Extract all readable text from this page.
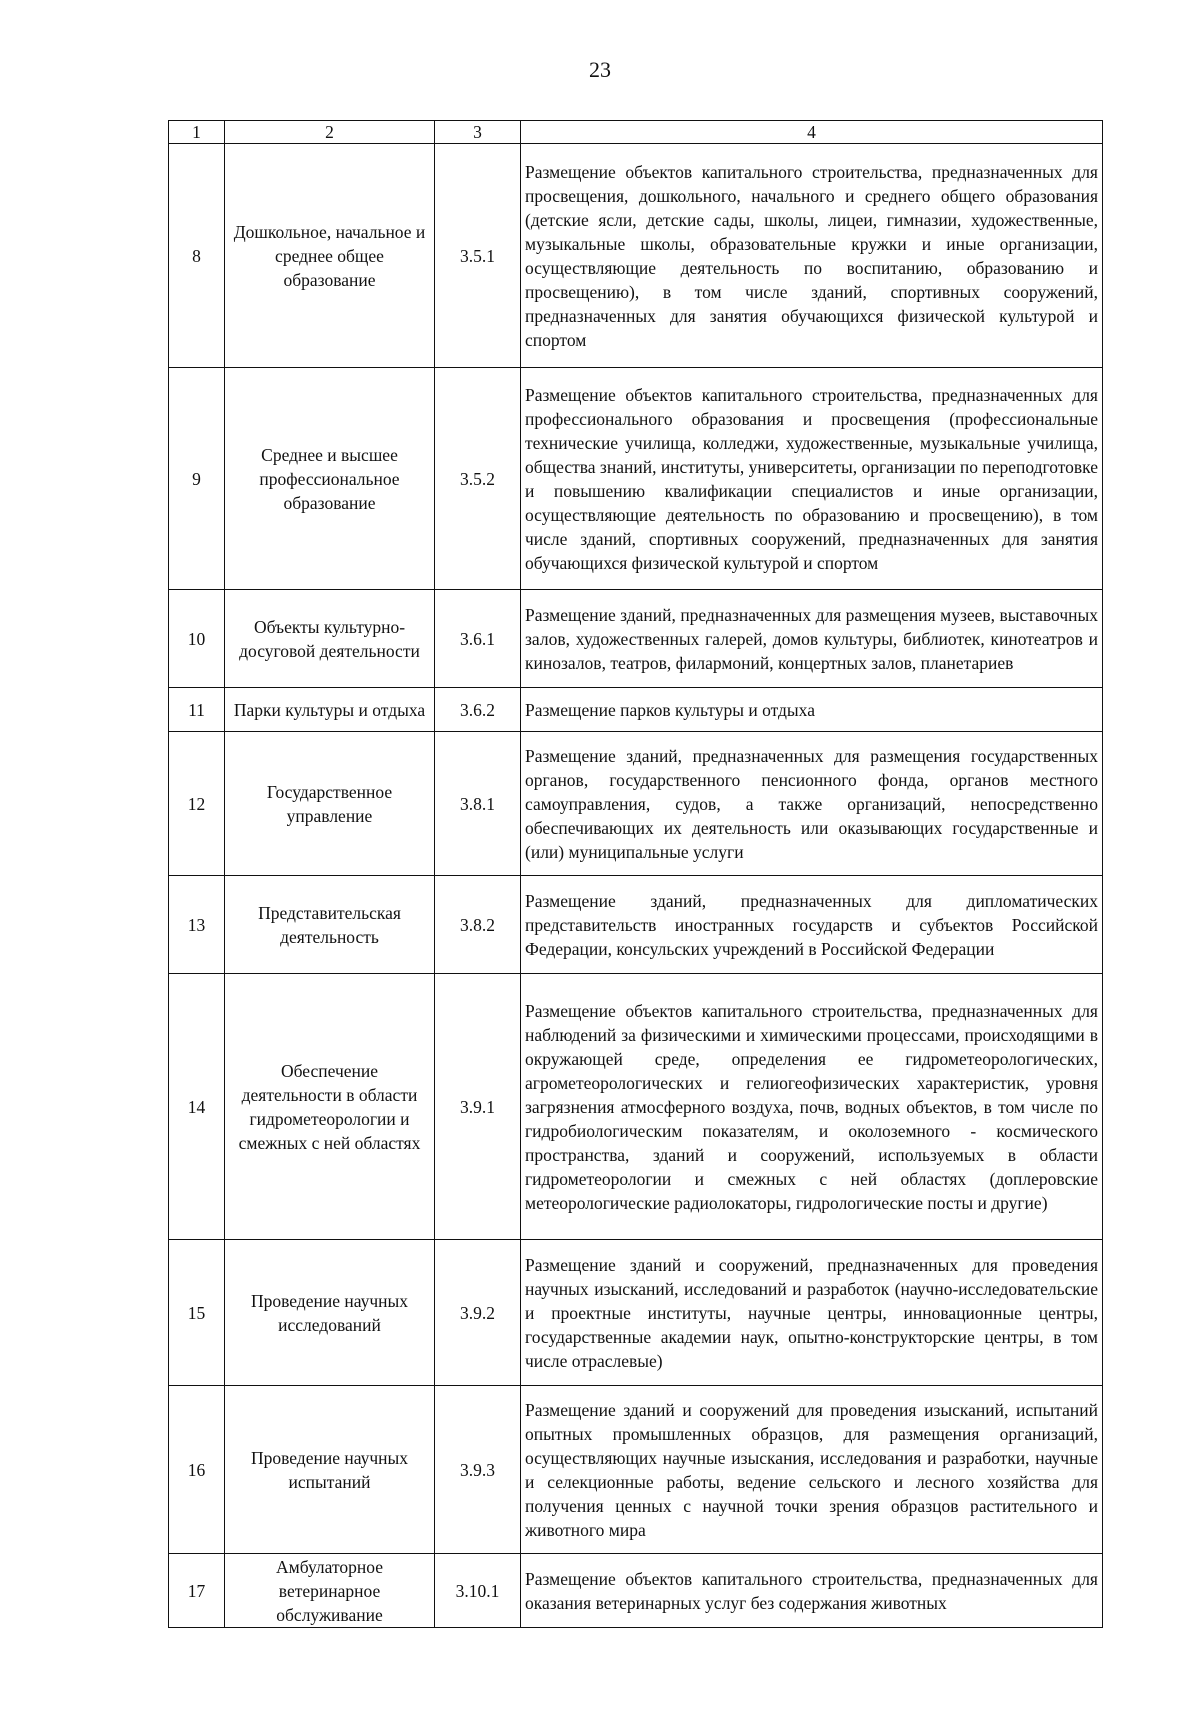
23
1	2	3	4
8	Дошкольное, начальное и среднее общее образование	3.5.1	Размещение объектов капитального строительства, предназначенных для просвещения, дошкольного, начального и среднего общего образования (детские ясли, детские сады, школы, лицеи, гимназии, художественные, музыкальные школы, образовательные кружки и иные организации, осуществляющие деятельность по воспитанию, образованию и просвещению), в том числе зданий, спортивных сооружений, предназначенных для занятия обучающихся физической культурой и спортом
9	Среднее и высшее профессиональное образование	3.5.2	Размещение объектов капитального строительства, предназначенных для профессионального образования и просвещения (профессиональные технические училища, колледжи, художественные, музыкальные училища, общества знаний, институты, университеты, организации по переподготовке и повышению квалификации специалистов и иные организации, осуществляющие деятельность по образованию и просвещению), в том числе зданий, спортивных сооружений, предназначенных для занятия обучающихся физической культурой и спортом
10	Объекты культурно-досуговой деятельности	3.6.1	Размещение зданий, предназначенных для размещения музеев, выставочных залов, художественных галерей, домов культуры, библиотек, кинотеатров и кинозалов, театров, филармоний, концертных залов, планетариев
11	Парки культуры и отдыха	3.6.2	Размещение парков культуры и отдыха
12	Государственное управление	3.8.1	Размещение зданий, предназначенных для размещения государственных органов, государственного пенсионного фонда, органов местного самоуправления, судов, а также организаций, непосредственно обеспечивающих их деятельность или оказывающих государственные и (или) муниципальные услуги
13	Представительская деятельность	3.8.2	Размещение зданий, предназначенных для дипломатических представительств иностранных государств и субъектов Российской Федерации, консульских учреждений в Российской Федерации
14	Обеспечение деятельности в области гидрометеорологии и смежных с ней областях	3.9.1	Размещение объектов капитального строительства, предназначенных для наблюдений за физическими и химическими процессами, происходящими в окружающей среде, определения ее гидрометеорологических, агрометеорологических и гелиогеофизических характеристик, уровня загрязнения атмосферного воздуха, почв, водных объектов, в том числе по гидробиологическим показателям, и околоземного - космического пространства, зданий и сооружений, используемых в области гидрометеорологии и смежных с ней областях (доплеровские метеорологические радиолокаторы, гидрологические посты и другие)
15	Проведение научных исследований	3.9.2	Размещение зданий и сооружений, предназначенных для проведения научных изысканий, исследований и разработок (научно-исследовательские и проектные институты, научные центры, инновационные центры, государственные академии наук, опытно-конструкторские центры, в том числе отраслевые)
16	Проведение научных испытаний	3.9.3	Размещение зданий и сооружений для проведения изысканий, испытаний опытных промышленных образцов, для размещения организаций, осуществляющих научные изыскания, исследования и разработки, научные и селекционные работы, ведение сельского и лесного хозяйства для получения ценных с научной точки зрения образцов растительного и животного мира
17	Амбулаторное ветеринарное обслуживание	3.10.1	Размещение объектов капитального строительства, предназначенных для оказания ветеринарных услуг без содержания животных
